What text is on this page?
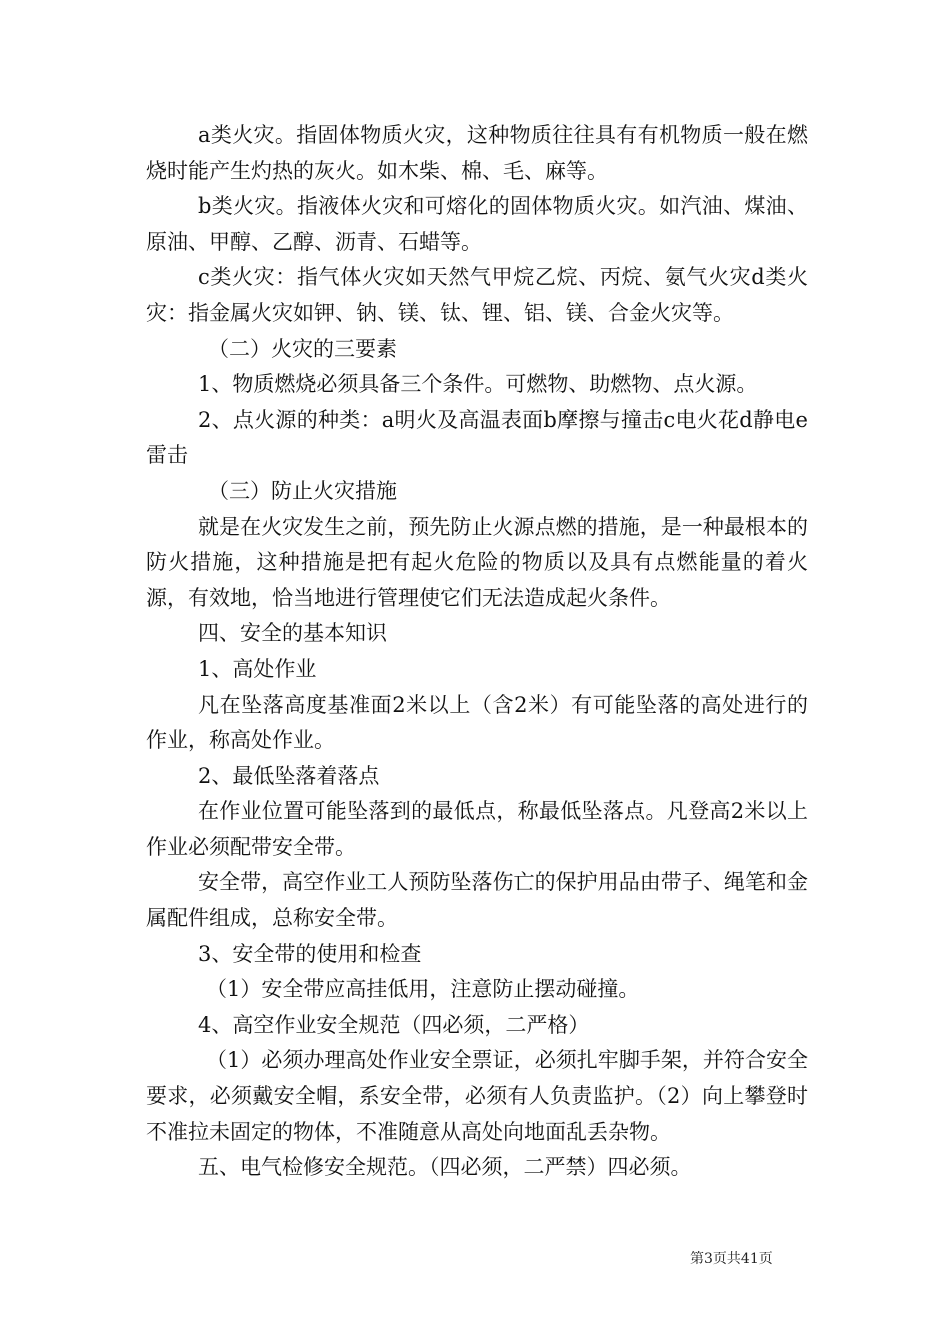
a类火灾。指固体物质火灾，这种物质往往具有有机物质一般在燃烧时能产生灼热的灰火。如木柴、棉、毛、麻等。

b类火灾。指液体火灾和可熔化的固体物质火灾。如汽油、煤油、原油、甲醇、乙醇、沥青、石蜡等。

c类火灾：指气体火灾如天然气甲烷乙烷、丙烷、氨气火灾d类火灾：指金属火灾如钾、钠、镁、钛、锂、铝、镁、合金火灾等。

（二）火灾的三要素

1、物质燃烧必须具备三个条件。可燃物、助燃物、点火源。

2、点火源的种类：a明火及高温表面b摩擦与撞击c电火花d静电e雷击

（三）防止火灾措施

就是在火灾发生之前，预先防止火源点燃的措施，是一种最根本的防火措施，这种措施是把有起火危险的物质以及具有点燃能量的着火源，有效地，恰当地进行管理使它们无法造成起火条件。

四、安全的基本知识

1、高处作业

凡在坠落高度基准面2米以上（含2米）有可能坠落的高处进行的作业，称高处作业。

2、最低坠落着落点

在作业位置可能坠落到的最低点，称最低坠落点。凡登高2米以上作业必须配带安全带。

安全带，高空作业工人预防坠落伤亡的保护用品由带子、绳笔和金属配件组成，总称安全带。

3、安全带的使用和检查

（1）安全带应高挂低用，注意防止摆动碰撞。

4、高空作业安全规范（四必须，二严格）

（1）必须办理高处作业安全票证，必须扎牢脚手架，并符合安全要求，必须戴安全帽，系安全带，必须有人负责监护。（2）向上攀登时不准拉未固定的物体，不准随意从高处向地面乱丢杂物。

五、电气检修安全规范。（四必须，二严禁）四必须。

第3页共41页
